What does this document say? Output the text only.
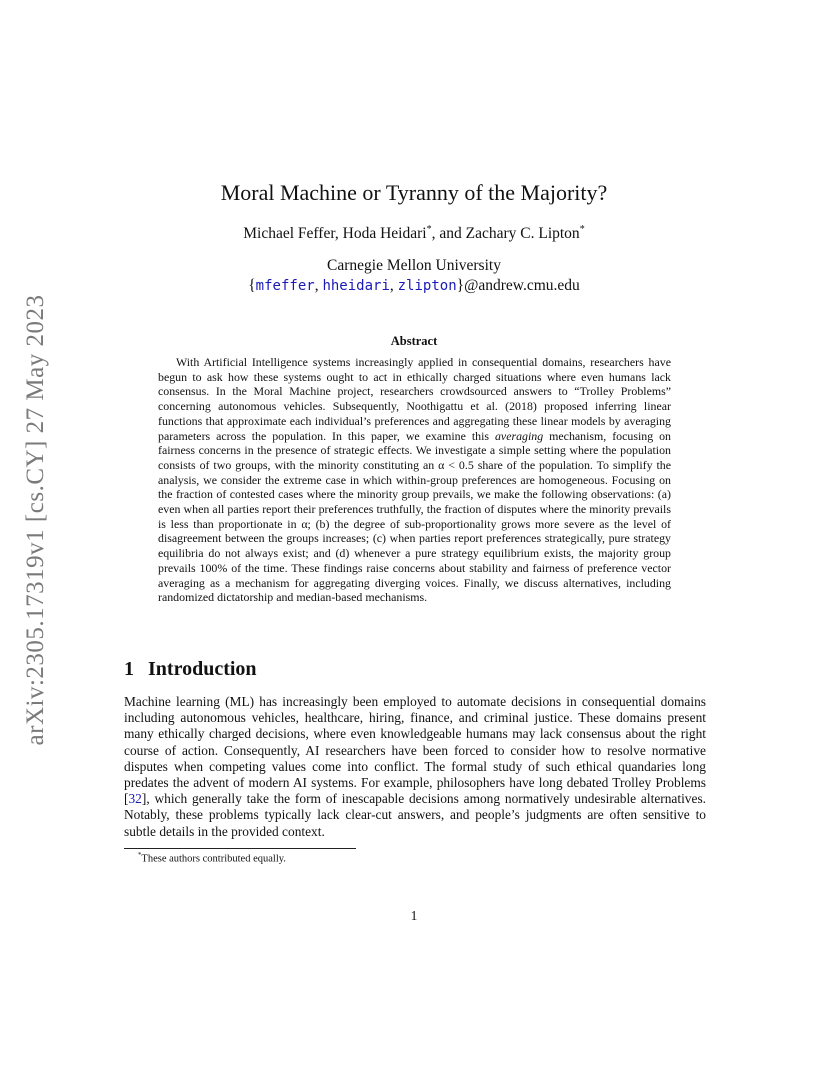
arXiv:2305.17319v1 [cs.CY] 27 May 2023
Moral Machine or Tyranny of the Majority?
Michael Feffer, Hoda Heidari*, and Zachary C. Lipton*
Carnegie Mellon University
{mfeffer, hheidari, zlipton}@andrew.cmu.edu
Abstract
With Artificial Intelligence systems increasingly applied in consequential domains, researchers have begun to ask how these systems ought to act in ethically charged situations where even humans lack consensus. In the Moral Machine project, researchers crowdsourced answers to “Trolley Problems” concerning autonomous vehicles. Subsequently, Noothigattu et al. (2018) proposed inferring linear functions that approximate each individual’s preferences and aggregating these linear models by averaging parameters across the population. In this paper, we examine this averaging mechanism, focusing on fairness concerns in the presence of strategic effects. We investigate a simple setting where the population consists of two groups, with the minority constituting an α < 0.5 share of the population. To simplify the analysis, we consider the extreme case in which within-group preferences are homogeneous. Focusing on the fraction of contested cases where the minority group prevails, we make the following observations: (a) even when all parties report their preferences truthfully, the fraction of disputes where the minority prevails is less than proportionate in α; (b) the degree of sub-proportionality grows more severe as the level of disagreement between the groups increases; (c) when parties report preferences strategically, pure strategy equilibria do not always exist; and (d) whenever a pure strategy equilibrium exists, the majority group prevails 100% of the time. These findings raise concerns about stability and fairness of preference vector averaging as a mechanism for aggregating diverging voices. Finally, we discuss alternatives, including randomized dictatorship and median-based mechanisms.
1 Introduction
Machine learning (ML) has increasingly been employed to automate decisions in consequential domains including autonomous vehicles, healthcare, hiring, finance, and criminal justice. These domains present many ethically charged decisions, where even knowledgeable humans may lack consensus about the right course of action. Consequently, AI researchers have been forced to consider how to resolve normative disputes when competing values come into conflict. The formal study of such ethical quandaries long predates the advent of modern AI systems. For example, philosophers have long debated Trolley Problems [32], which generally take the form of inescapable decisions among normatively undesirable alternatives. Notably, these problems typically lack clear-cut answers, and people’s judgments are often sensitive to subtle details in the provided context.
*These authors contributed equally.
1
